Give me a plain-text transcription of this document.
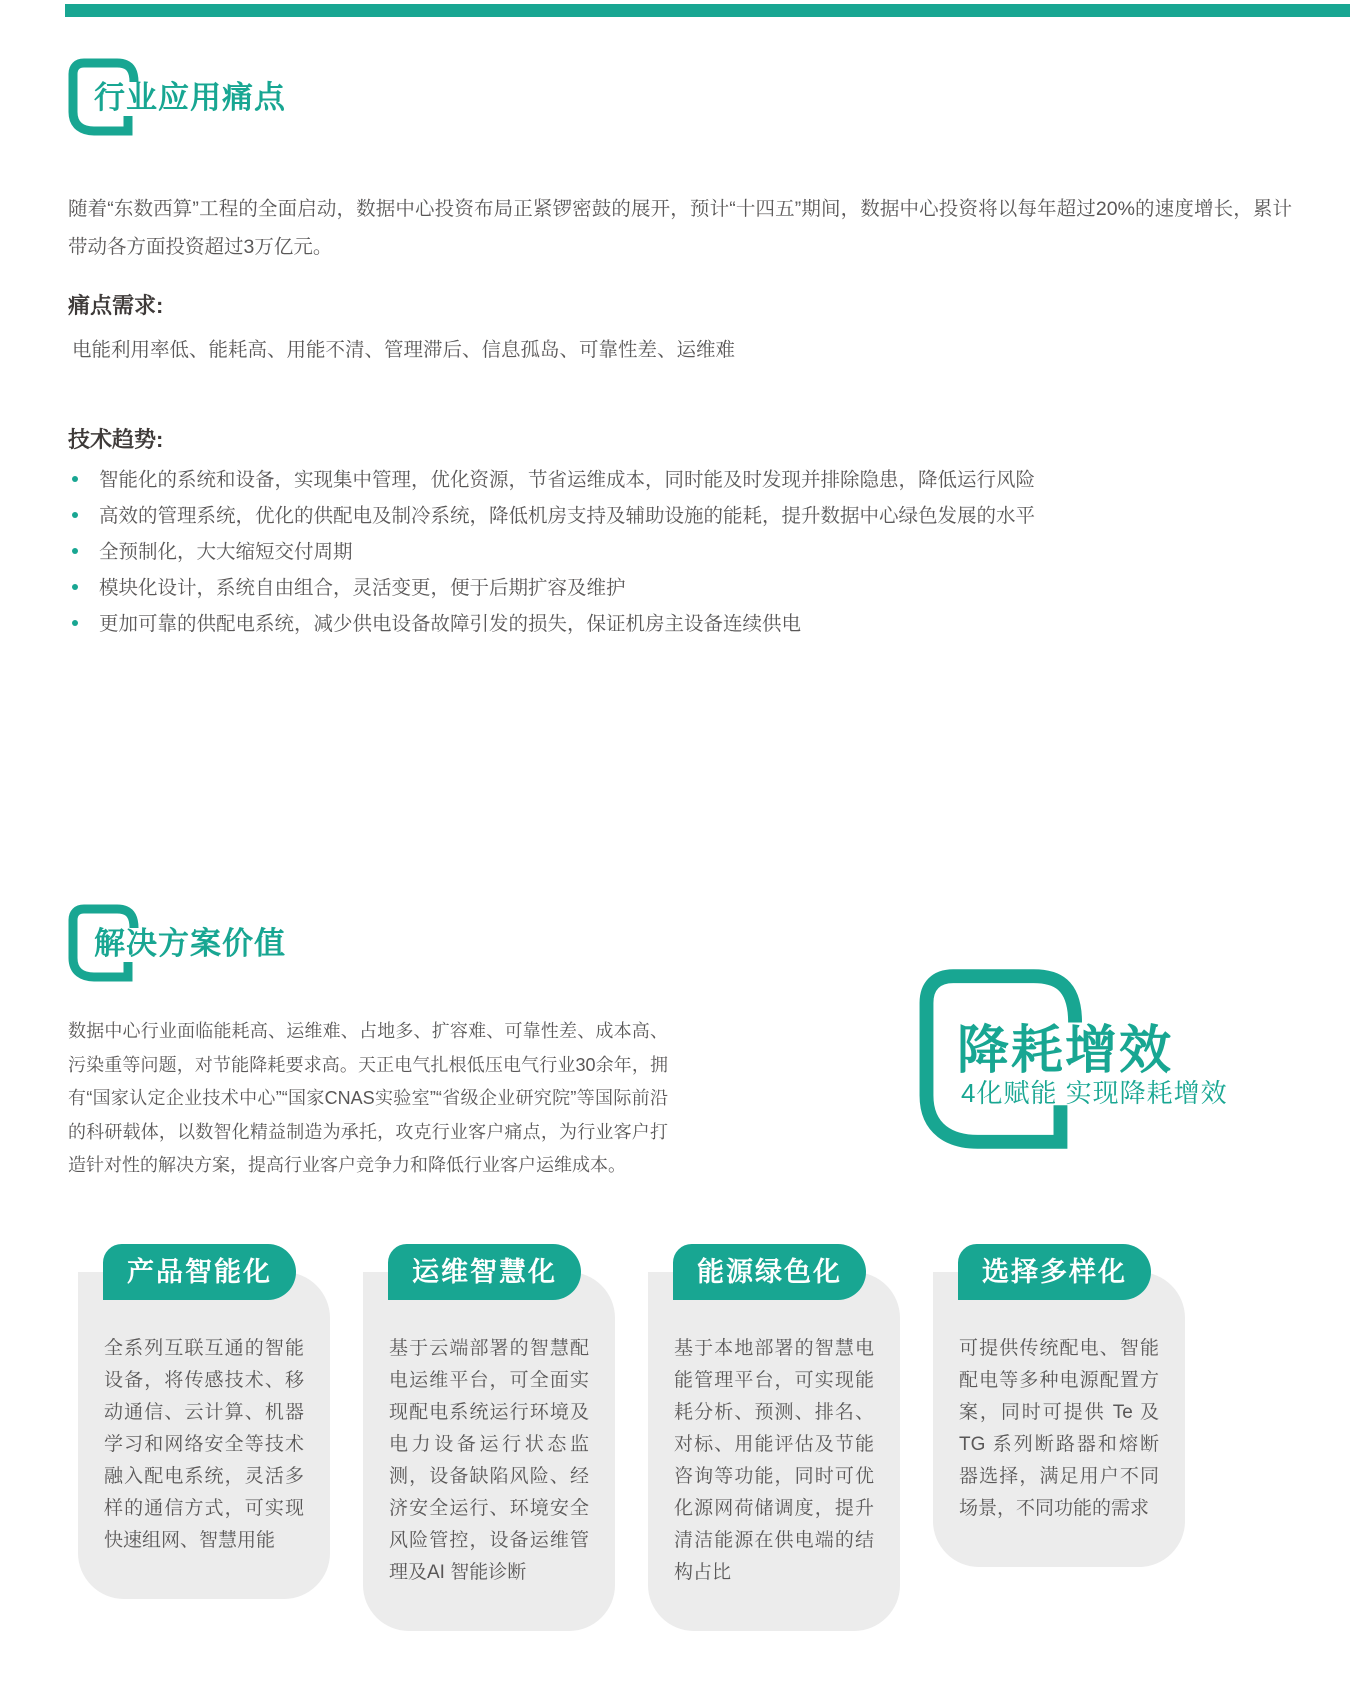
行业应用痛点

随着“东数西算”工程的全面启动，数据中心投资布局正紧锣密鼓的展开，预计“十四五”期间，数据中心投资将以每年超过20%的速度增长，累计带动各方面投资超过3万亿元。

痛点需求:
电能利用率低、能耗高、用能不清、管理滞后、信息孤岛、可靠性差、运维难
技术趋势:
智能化的系统和设备，实现集中管理，优化资源，节省运维成本，同时能及时发现并排除隐患，降低运行风险
高效的管理系统，优化的供配电及制冷系统，降低机房支持及辅助设施的能耗，提升数据中心绿色发展的水平
全预制化，大大缩短交付周期
模块化设计，系统自由组合，灵活变更，便于后期扩容及维护
更加可靠的供配电系统，减少供电设备故障引发的损失，保证机房主设备连续供电
解决方案价值

数据中心行业面临能耗高、运维难、占地多、扩容难、可靠性差、成本高、污染重等问题，对节能降耗要求高。天正电气扎根低压电气行业30余年，拥有“国家认定企业技术中心”“国家CNAS实验室”“省级企业研究院”等国际前沿的科研载体，以数智化精益制造为承托，攻克行业客户痛点，为行业客户打造针对性的解决方案，提高行业客户竞争力和降低行业客户运维成本。

降耗增效
4化赋能 实现降耗增效
产品智能化
全系列互联互通的智能设备，将传感技术、移动通信、云计算、机器学习和网络安全等技术融入配电系统，灵活多样的通信方式，可实现快速组网、智慧用能
运维智慧化
基于云端部署的智慧配电运维平台，可全面实现配电系统运行环境及电力设备运行状态监测，设备缺陷风险、经济安全运行、环境安全风险管控，设备运维管理及AI 智能诊断
能源绿色化
基于本地部署的智慧电能管理平台，可实现能耗分析、预测、排名、对标、用能评估及节能咨询等功能，同时可优化源网荷储调度，提升清洁能源在供电端的结构占比
选择多样化
可提供传统配电、智能配电等多种电源配置方案，同时可提供 Te 及 TG 系列断路器和熔断器选择，满足用户不同场景，不同功能的需求
